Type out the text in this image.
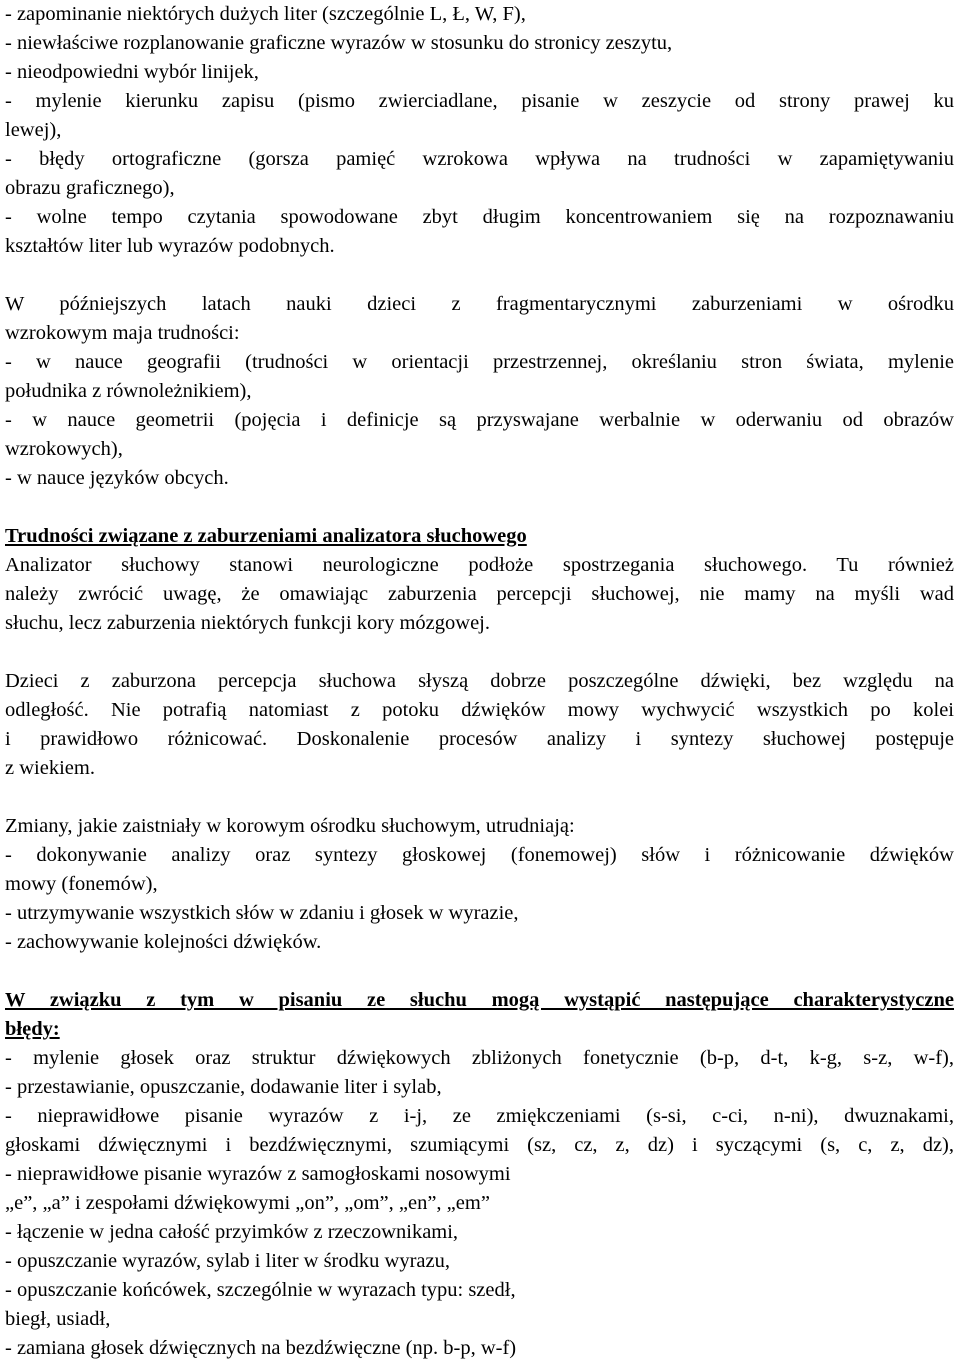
- zapominanie niektórych dużych liter (szczególnie L, Ł, W, F),
- niewłaściwe rozplanowanie graficzne wyrazów w stosunku do stronicy zeszytu,
- nieodpowiedni wybór linijek,
- mylenie kierunku zapisu (pismo zwierciadlane, pisanie w zeszycie od strony prawej ku
lewej),
- błędy ortograficzne (gorsza pamięć wzrokowa wpływa na trudności w zapamiętywaniu
obrazu graficznego),
- wolne tempo czytania spowodowane zbyt długim koncentrowaniem się na rozpoznawaniu
kształtów liter lub wyrazów podobnych.
W późniejszych latach nauki dzieci z fragmentarycznymi zaburzeniami w ośrodku
wzrokowym maja trudności:
- w nauce geografii (trudności w orientacji przestrzennej, określaniu stron świata, mylenie
południka z równoleżnikiem),
- w nauce geometrii (pojęcia i definicje są przyswajane werbalnie w oderwaniu od obrazów
wzrokowych),
- w nauce języków obcych.
Trudności związane z zaburzeniami analizatora słuchowego
Analizator słuchowy stanowi neurologiczne podłoże spostrzegania słuchowego. Tu również
należy zwrócić uwagę, że omawiając zaburzenia percepcji słuchowej, nie mamy na myśli wad
słuchu, lecz zaburzenia niektórych funkcji kory mózgowej.
Dzieci z zaburzona percepcja słuchowa słyszą dobrze poszczególne dźwięki, bez względu na
odległość. Nie potrafią natomiast z potoku dźwięków mowy wychwycić wszystkich po kolei
i prawidłowo różnicować. Doskonalenie procesów analizy i syntezy słuchowej postępuje
z wiekiem.
Zmiany, jakie zaistniały w korowym ośrodku słuchowym, utrudniają:
- dokonywanie analizy oraz syntezy głoskowej (fonemowej) słów i różnicowanie dźwięków
mowy (fonemów),
- utrzymywanie wszystkich słów w zdaniu i głosek w wyrazie,
- zachowywanie kolejności dźwięków.
W związku z tym w pisaniu ze słuchu mogą wystąpić następujące charakterystyczne
błędy:
- mylenie głosek oraz struktur dźwiękowych zbliżonych fonetycznie (b-p, d-t, k-g, s-z, w-f),
- przestawianie, opuszczanie, dodawanie liter i sylab,
- nieprawidłowe pisanie wyrazów z i-j, ze zmiękczeniami (s-si, c-ci, n-ni), dwuznakami,
głoskami dźwięcznymi i bezdźwięcznymi, szumiącymi (sz, cz, z, dz) i syczącymi (s, c, z, dz),
- nieprawidłowe pisanie wyrazów z samogłoskami nosowymi
„e”, „a” i zespołami dźwiękowymi „on”, „om”, „en”, „em”
- łączenie w jedna całość przyimków z rzeczownikami,
- opuszczanie wyrazów, sylab i liter w środku wyrazu,
- opuszczanie końcówek, szczególnie w wyrazach typu: szedł,
biegł, usiadł,
- zamiana głosek dźwięcznych na bezdźwięczne (np. b-p, w-f)
